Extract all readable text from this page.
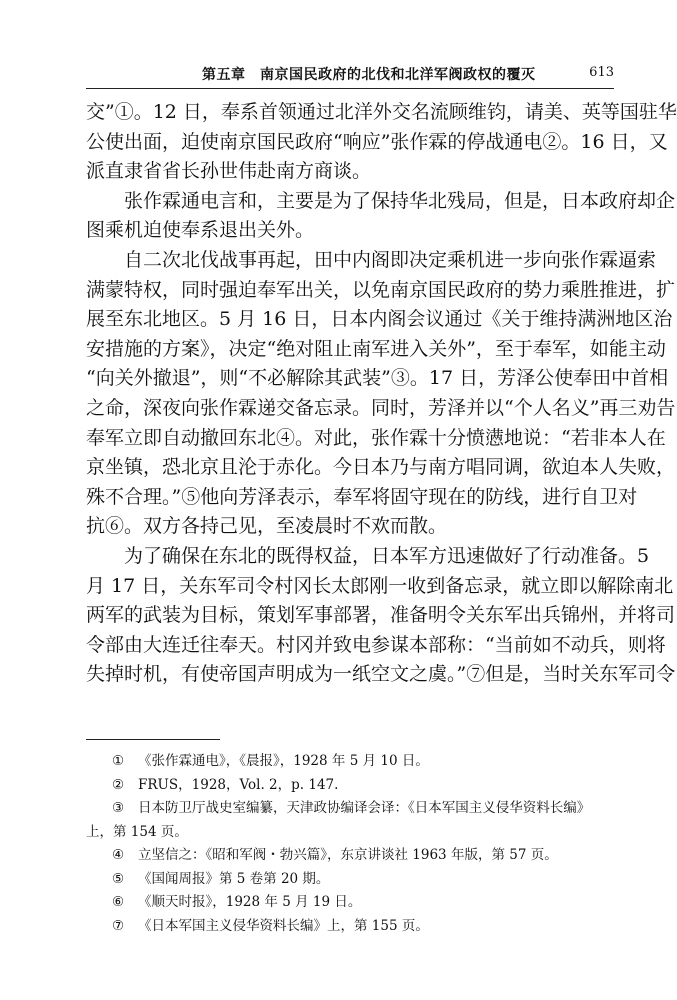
第五章　南京国民政府的北伐和北洋军阀政权的覆灭	613
交”①。12 日，奉系首领通过北洋外交名流顾维钧，请美、英等国驻华
公使出面，迫使南京国民政府“响应”张作霖的停战通电②。16 日，又
派直隶省省长孙世伟赴南方商谈。
张作霖通电言和，主要是为了保持华北残局，但是，日本政府却企
图乘机迫使奉系退出关外。
自二次北伐战事再起，田中内阁即决定乘机进一步向张作霖逼索
满蒙特权，同时强迫奉军出关，以免南京国民政府的势力乘胜推进，扩
展至东北地区。5 月 16 日，日本内阁会议通过《关于维持满洲地区治
安措施的方案》，决定“绝对阻止南军进入关外”，至于奉军，如能主动
“向关外撤退”，则“不必解除其武装”③。17 日，芳泽公使奉田中首相
之命，深夜向张作霖递交备忘录。同时，芳泽并以“个人名义”再三劝告
奉军立即自动撤回东北④。对此，张作霖十分愤懑地说：“若非本人在
京坐镇，恐北京且沦于赤化。今日本乃与南方唱同调，欲迫本人失败，
殊不合理。”⑤他向芳泽表示，奉军将固守现在的防线，进行自卫对
抗⑥。双方各持己见，至凌晨时不欢而散。
为了确保在东北的既得权益，日本军方迅速做好了行动准备。5
月 17 日，关东军司令村冈长太郎刚一收到备忘录，就立即以解除南北
两军的武装为目标，策划军事部署，准备明令关东军出兵锦州，并将司
令部由大连迁往奉天。村冈并致电参谋本部称：“当前如不动兵，则将
失掉时机，有使帝国声明成为一纸空文之虞。”⑦但是，当时关东军司令
① 《张作霖通电》，《晨报》，1928 年 5 月 10 日。
② FRUS，1928，Vol. 2，p. 147.
③ 日本防卫厅战史室编纂，天津政协编译会译：《日本军国主义侵华资料长编》
上，第 154 页。
④ 立坚信之：《昭和军阀・勃兴篇》，东京讲谈社 1963 年版，第 57 页。
⑤ 《国闻周报》第 5 卷第 20 期。
⑥ 《顺天时报》，1928 年 5 月 19 日。
⑦ 《日本军国主义侵华资料长编》上，第 155 页。
